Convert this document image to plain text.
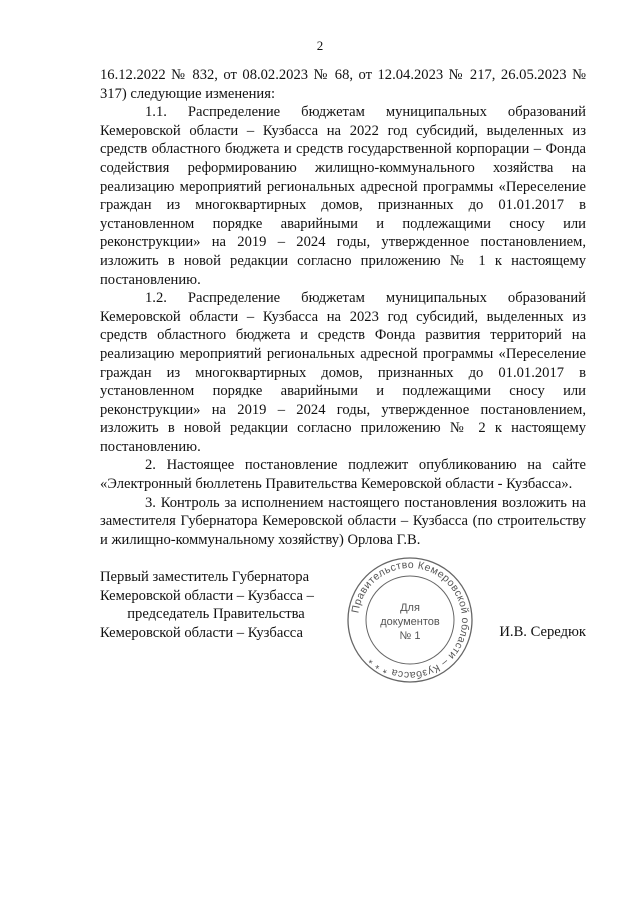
2

16.12.2022 № 832, от 08.02.2023 № 68, от 12.04.2023 № 217, 26.05.2023 № 317) следующие изменения:

1.1. Распределение бюджетам муниципальных образований Кемеровской области – Кузбасса на 2022 год субсидий, выделенных из средств областного бюджета и средств государственной корпорации – Фонда содействия реформированию жилищно-коммунального хозяйства на реализацию мероприятий региональных адресной программы «Переселение граждан из многоквартирных домов, признанных до 01.01.2017 в установленном порядке аварийными и подлежащими сносу или реконструкции» на 2019 – 2024 годы, утвержденное постановлением, изложить в новой редакции согласно приложению № 1 к настоящему постановлению.

1.2. Распределение бюджетам муниципальных образований Кемеровской области – Кузбасса на 2023 год субсидий, выделенных из средств областного бюджета и средств Фонда развития территорий на реализацию мероприятий региональных адресной программы «Переселение граждан из многоквартирных домов, признанных до 01.01.2017 в установленном порядке аварийными и подлежащими сносу или реконструкции» на 2019 – 2024 годы, утвержденное постановлением, изложить в новой редакции согласно приложению № 2 к настоящему постановлению.

2. Настоящее постановление подлежит опубликованию на сайте «Электронный бюллетень Правительства Кемеровской области - Кузбасса».

3. Контроль за исполнением настоящего постановления возложить на заместителя Губернатора Кемеровской области – Кузбасса (по строительству и жилищно-коммунальному хозяйству) Орлова Г.В.

Первый заместитель Губернатора
Кемеровской области – Кузбасса –
председатель Правительства
Кемеровской области – Кузбасса	И.В. Середюк
Правительство Кемеровской области – Кузбасса * * *
Для
документов
№ 1
